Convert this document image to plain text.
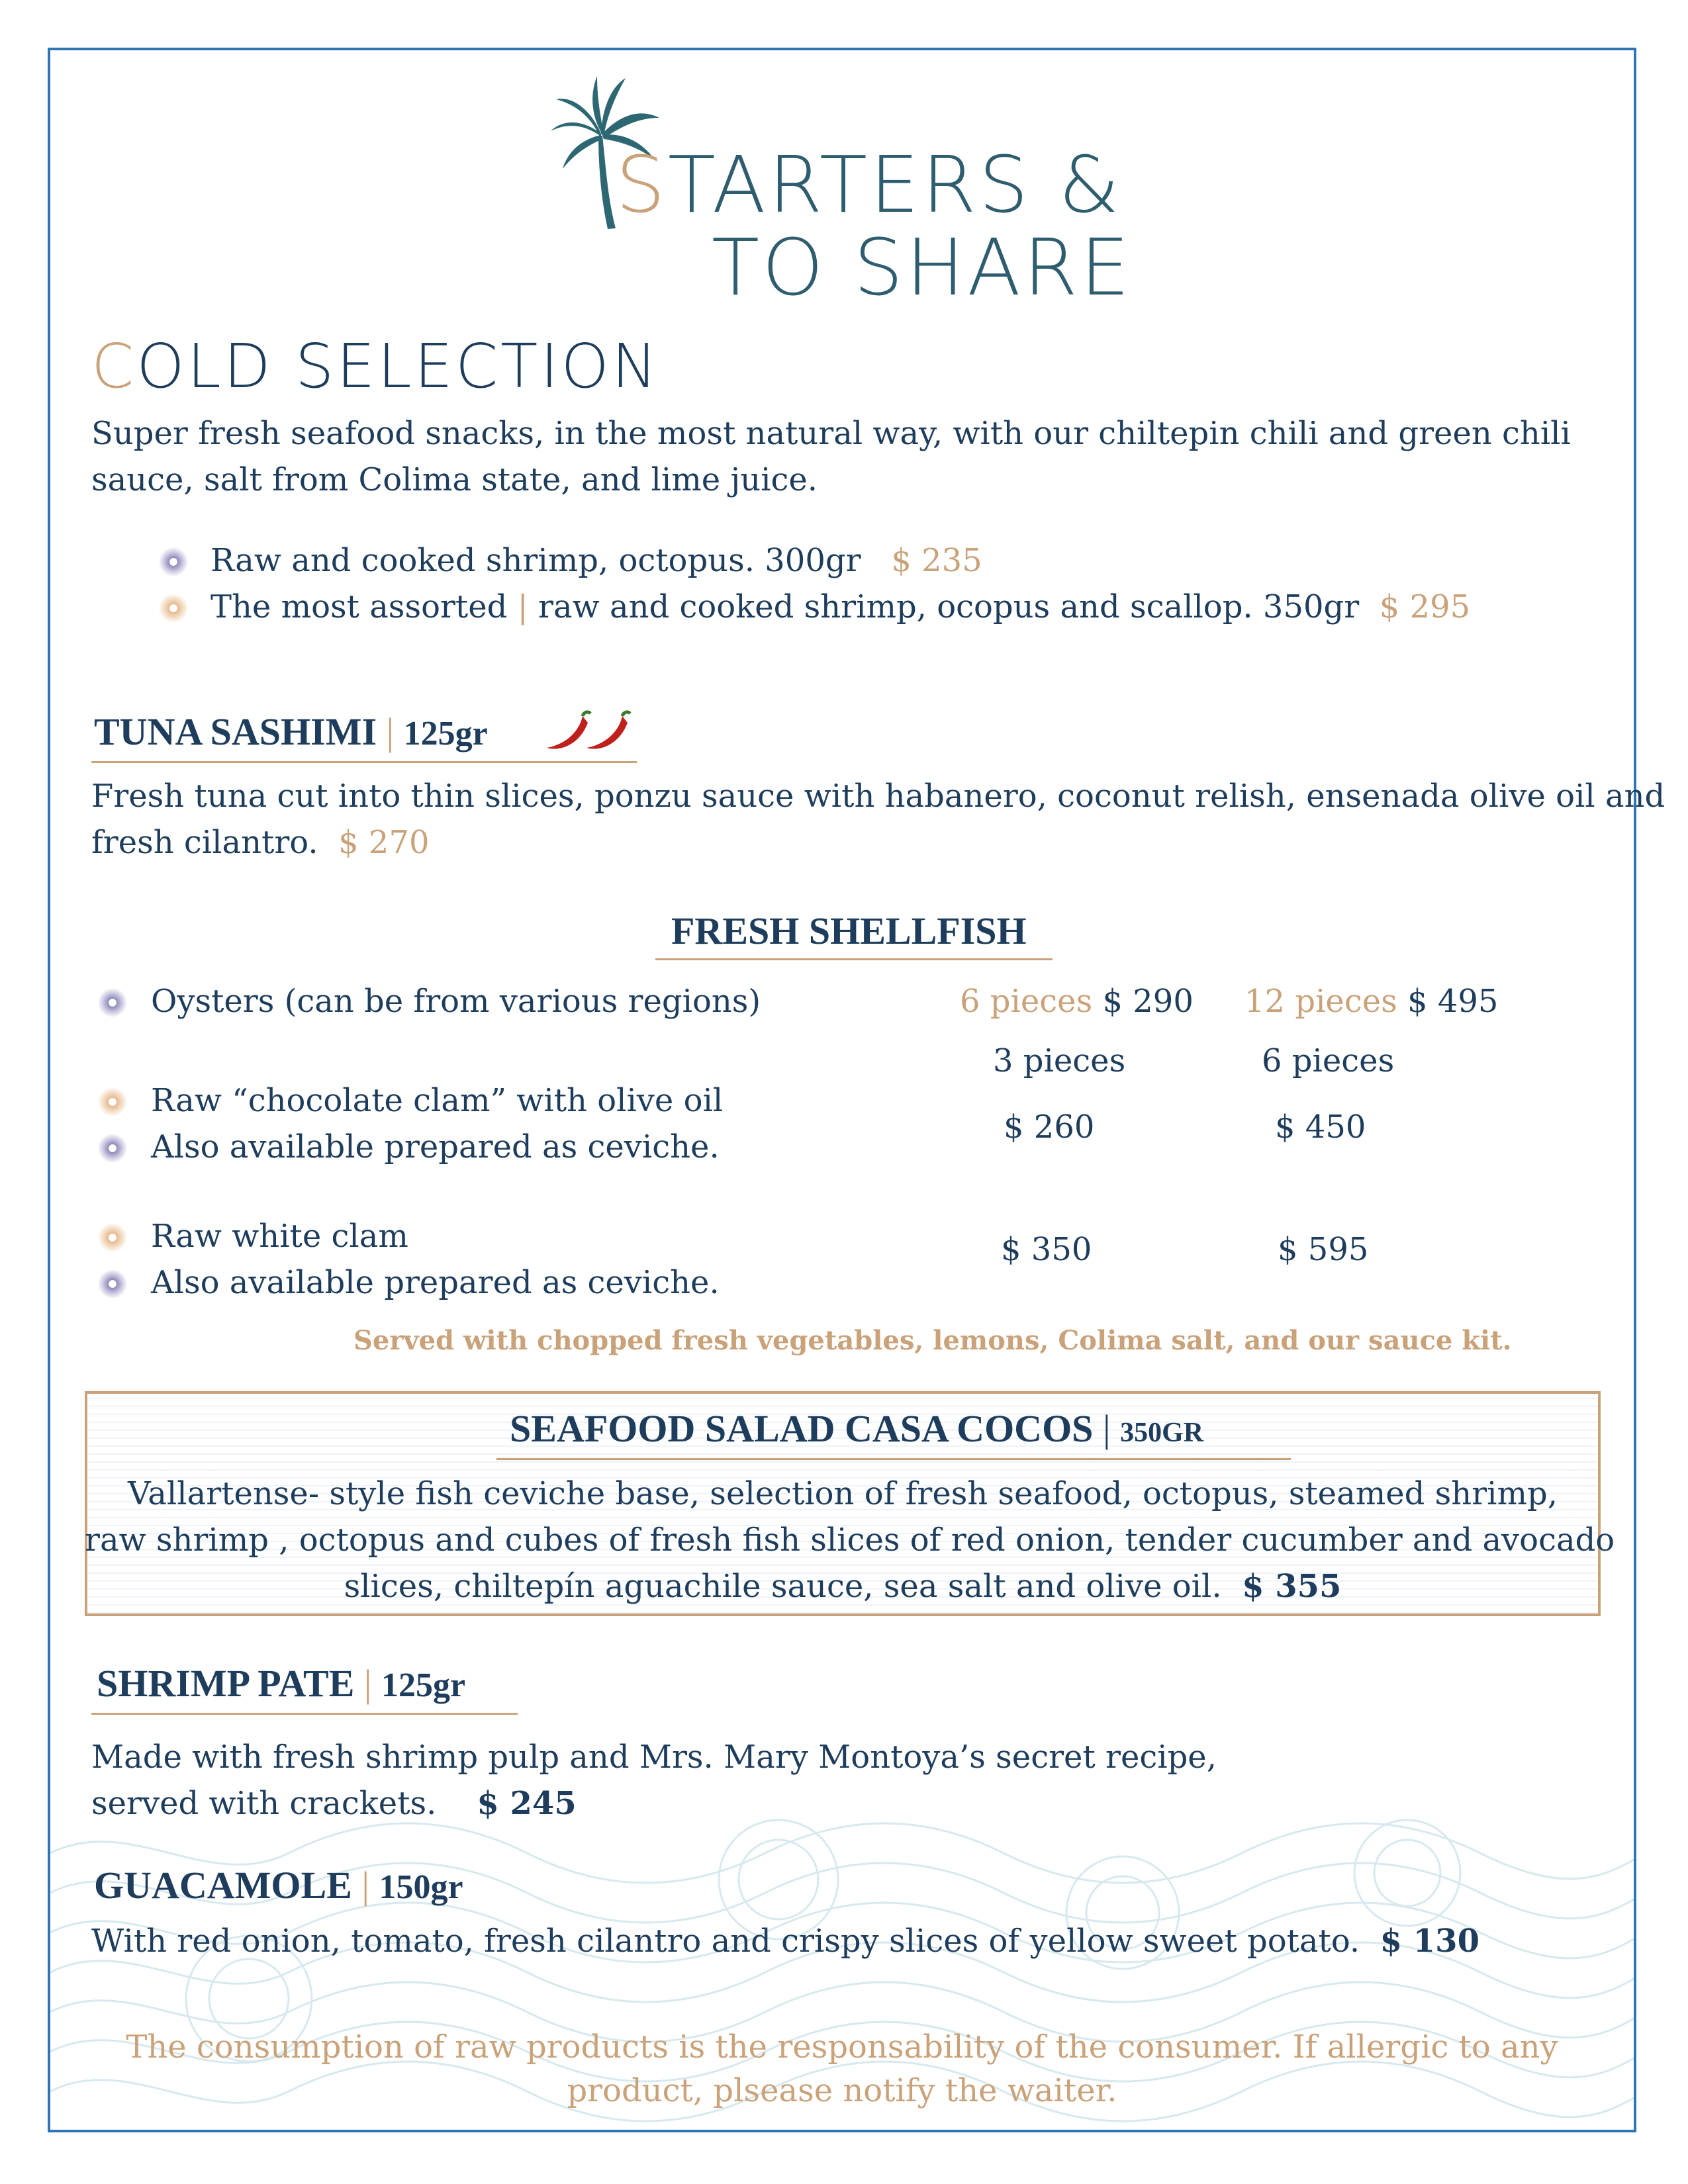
STARTERS &
TO SHARE
COLD SELECTION
Super fresh seafood snacks, in the most natural way, with our chiltepin chili and green chili
sauce, salt from Colima state, and lime juice.
Raw and cooked shrimp, octopus. 300gr $ 235
The most assorted | raw and cooked shrimp, ocopus and scallop. 350gr $ 295
TUNA SASHIMI | 125gr
Fresh tuna cut into thin slices, ponzu sauce with habanero, coconut relish, ensenada olive oil and
fresh cilantro. $ 270
FRESH SHELLFISH
Oysters (can be from various regions)	6 pieces $ 290 12 pieces $ 495
3 pieces	6 pieces
Raw “chocolate clam” with olive oil
Also available prepared as ceviche.
$ 260	$ 450
Raw white clam
Also available prepared as ceviche.
$ 350	$ 595
Served with chopped fresh vegetables, lemons, Colima salt, and our sauce kit.
SEAFOOD SALAD CASA COCOS | 350GR
Vallartense- style fish ceviche base, selection of fresh seafood, octopus, steamed shrimp,
raw shrimp , octopus and cubes of fresh fish slices of red onion, tender cucumber and avocado
slices, chiltepín aguachile sauce, sea salt and olive oil. $ 355
SHRIMP PATE | 125gr
Made with fresh shrimp pulp and Mrs. Mary Montoya’s secret recipe,
served with crackets. $ 245
GUACAMOLE | 150gr
With red onion, tomato, fresh cilantro and crispy slices of yellow sweet potato. $ 130
The consumption of raw products is the responsability of the consumer. If allergic to any
product, plsease notify the waiter.
